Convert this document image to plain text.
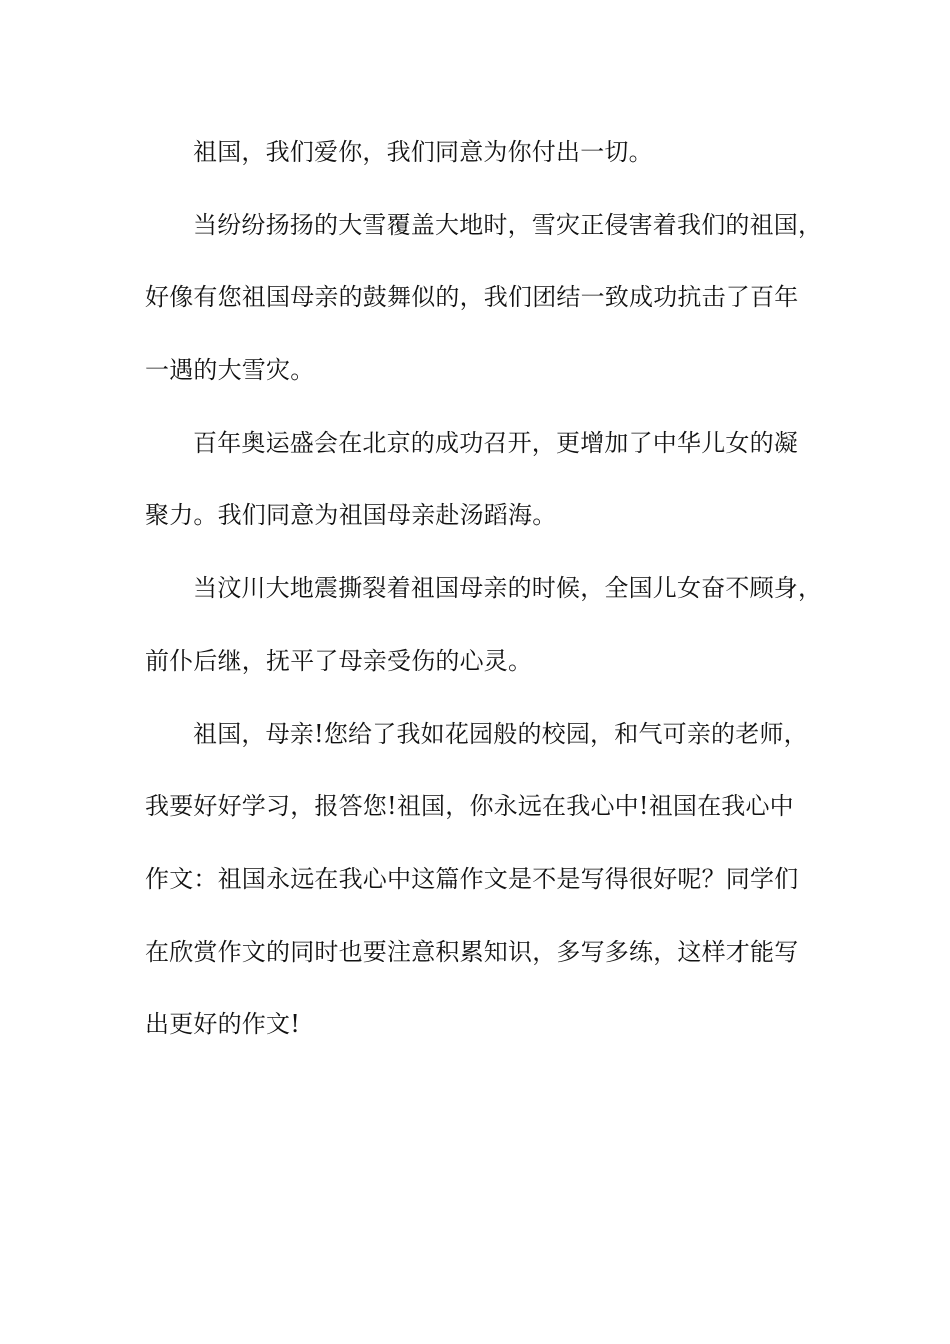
祖国，我们爱你，我们同意为你付出一切。
当纷纷扬扬的大雪覆盖大地时，雪灾正侵害着我们的祖国，
好像有您祖国母亲的鼓舞似的，我们团结一致成功抗击了百年
一遇的大雪灾。
百年奥运盛会在北京的成功召开，更增加了中华儿女的凝
聚力。我们同意为祖国母亲赴汤蹈海。
当汶川大地震撕裂着祖国母亲的时候，全国儿女奋不顾身，
前仆后继，抚平了母亲受伤的心灵。
祖国，母亲!您给了我如花园般的校园，和气可亲的老师，
我要好好学习，报答您!祖国，你永远在我心中!祖国在我心中
作文：祖国永远在我心中这篇作文是不是写得很好呢？同学们
在欣赏作文的同时也要注意积累知识，多写多练，这样才能写
出更好的作文!
